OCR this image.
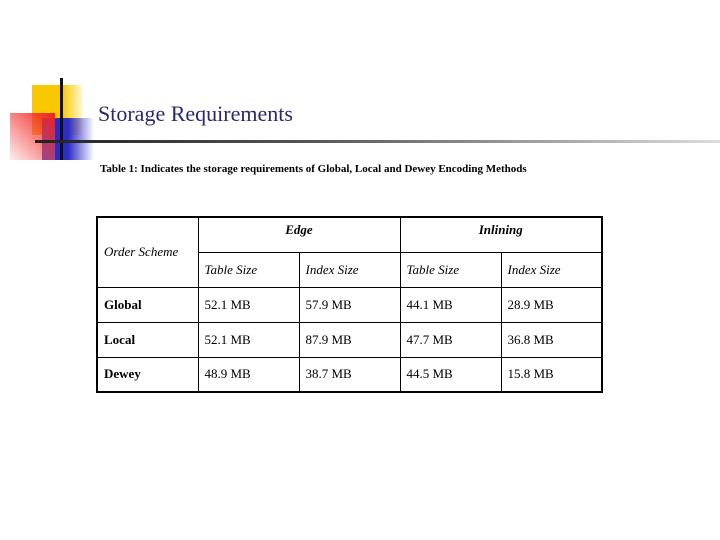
Storage Requirements
Table 1: Indicates the storage requirements of Global, Local and Dewey Encoding Methods
Order Scheme	Edge		Inlining	
	Table Size	Index Size	Table Size	Index Size
Global	52.1 MB	57.9 MB	44.1 MB	28.9 MB
Local	52.1 MB	87.9 MB	47.7 MB	36.8 MB
Dewey	48.9 MB	38.7 MB	44.5 MB	15.8 MB
